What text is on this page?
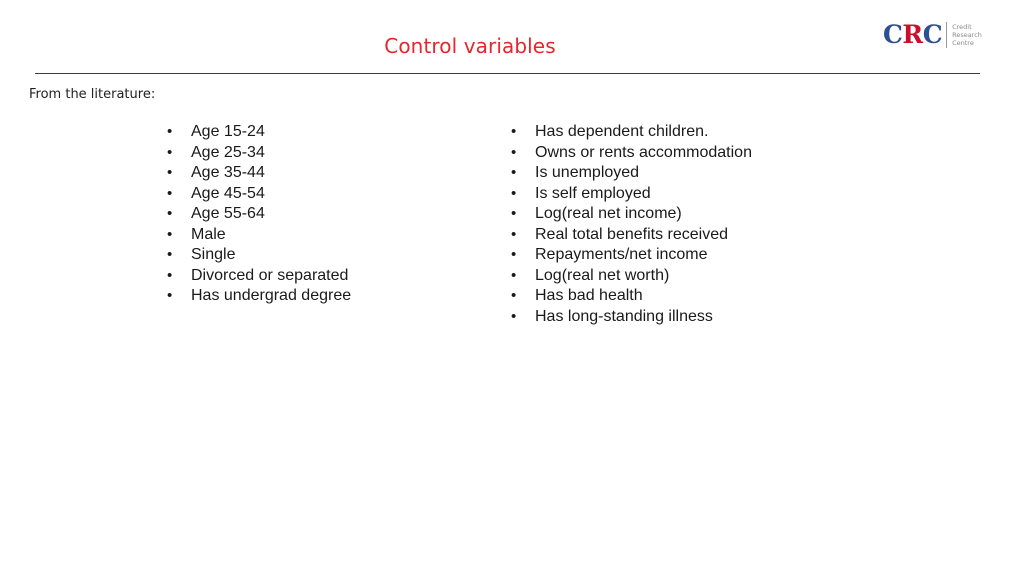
Control variables	CRC Credit
Research
Centre
From the literature:
• Age 15-24
• Age 25-34
• Age 35-44
• Age 45-54
• Age 55-64
• Male
• Single
• Divorced or separated
• Has undergrad degree
• Has dependent children.
• Owns or rents accommodation
• Is unemployed
• Is self employed
• Log(real net income)
• Real total benefits received
• Repayments/net income
• Log(real net worth)
• Has bad health
• Has long-standing illness
